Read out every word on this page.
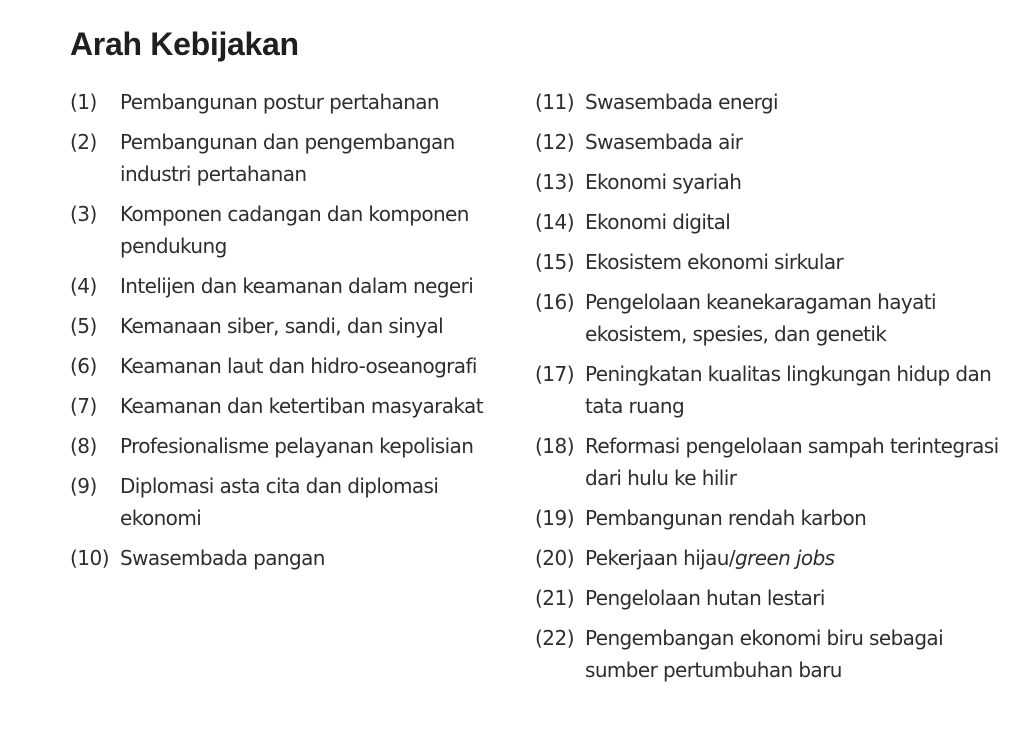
Arah Kebijakan
(1)	Pembangunan postur pertahanan
(2)	Pembangunan dan pengembangan industri pertahanan
(3)	Komponen cadangan dan komponen pendukung
(4)	Intelijen dan keamanan dalam negeri
(5)	Kemanaan siber, sandi, dan sinyal
(6)	Keamanan laut dan hidro-oseanografi
(7)	Keamanan dan ketertiban masyarakat
(8)	Profesionalisme pelayanan kepolisian
(9)	Diplomasi asta cita dan diplomasi ekonomi
(10) Swasembada pangan
(11) Swasembada energi
(12) Swasembada air
(13) Ekonomi syariah
(14) Ekonomi digital
(15) Ekosistem ekonomi sirkular
(16) Pengelolaan keanekaragaman hayati ekosistem, spesies, dan genetik
(17) Peningkatan kualitas lingkungan hidup dan tata ruang
(18) Reformasi pengelolaan sampah terintegrasi dari hulu ke hilir
(19) Pembangunan rendah karbon
(20) Pekerjaan hijau/green jobs
(21) Pengelolaan hutan lestari
(22) Pengembangan ekonomi biru sebagai sumber pertumbuhan baru
